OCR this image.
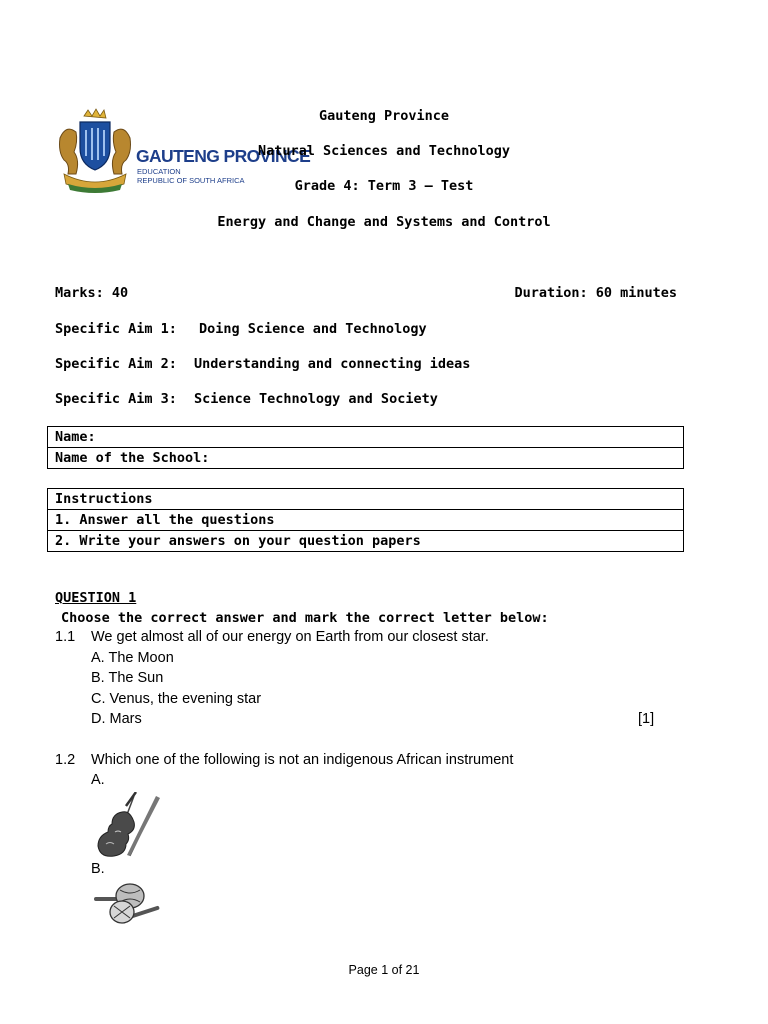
GAUTENG PROVINCE
EDUCATION
REPUBLIC OF SOUTH AFRICA
Gauteng Province
Natural Sciences and Technology
Grade 4: Term 3 – Test
Energy and Change and Systems and Control
Marks: 40	Duration: 60 minutes
Specific Aim 1: Doing Science and Technology
Specific Aim 2: Understanding and connecting ideas
Specific Aim 3: Science Technology and Society
Name:
Name of the School:
Instructions
1. Answer all the questions
2. Write your answers on your question papers
QUESTION 1
Choose the correct answer and mark the correct letter below:
1.1 We get almost all of our energy on Earth from our closest star.
A. The Moon
B. The Sun
C. Venus, the evening star
D. Mars	[1]
1.2 Which one of the following is not an indigenous African instrument
A.
B.
Page 1 of 21
